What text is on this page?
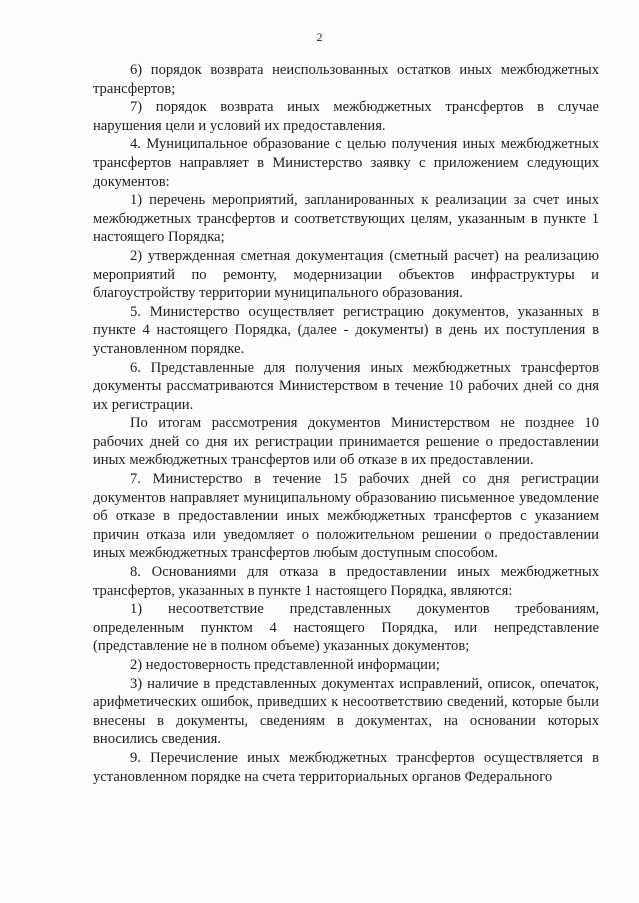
2

6) порядок возврата неиспользованных остатков иных межбюджетных трансфертов;

7) порядок возврата иных межбюджетных трансфертов в случае нарушения цели и условий их предоставления.

4. Муниципальное образование с целью получения иных межбюджетных трансфертов направляет в Министерство заявку с приложением следующих документов:

1) перечень мероприятий, запланированных к реализации за счет иных межбюджетных трансфертов и соответствующих целям, указанным в пункте 1 настоящего Порядка;

2) утвержденная сметная документация (сметный расчет) на реализацию мероприятий по ремонту, модернизации объектов инфраструктуры и благоустройству территории муниципального образования.

5. Министерство осуществляет регистрацию документов, указанных в пункте 4 настоящего Порядка, (далее - документы) в день их поступления в установленном порядке.

6. Представленные для получения иных межбюджетных трансфертов документы рассматриваются Министерством в течение 10 рабочих дней со дня их регистрации.

По итогам рассмотрения документов Министерством не позднее 10 рабочих дней со дня их регистрации принимается решение о предоставлении иных межбюджетных трансфертов или об отказе в их предоставлении.

7. Министерство в течение 15 рабочих дней со дня регистрации документов направляет муниципальному образованию письменное уведомление об отказе в предоставлении иных межбюджетных трансфертов с указанием причин отказа или уведомляет о положительном решении о предоставлении иных межбюджетных трансфертов любым доступным способом.

8. Основаниями для отказа в предоставлении иных межбюджетных трансфертов, указанных в пункте 1 настоящего Порядка, являются:

1) несоответствие представленных документов требованиям, определенным пунктом 4 настоящего Порядка, или непредставление (представление не в полном объеме) указанных документов;

2) недостоверность представленной информации;

3) наличие в представленных документах исправлений, описок, опечаток, арифметических ошибок, приведших к несоответствию сведений, которые были внесены в документы, сведениям в документах, на основании которых вносились сведения.

9. Перечисление иных межбюджетных трансфертов осуществляется в установленном порядке на счета территориальных органов Федерального
